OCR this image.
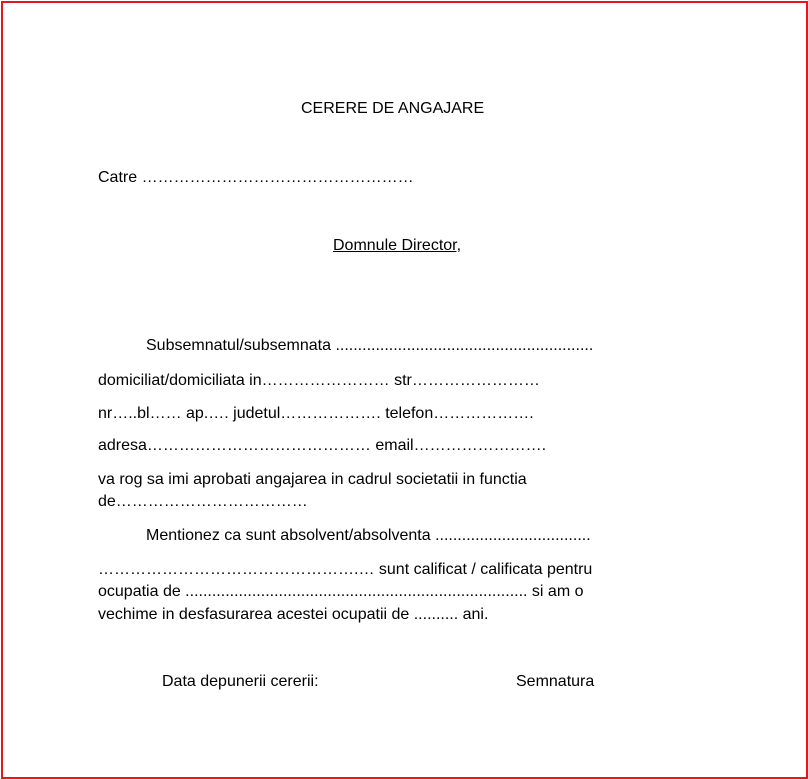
CERERE DE ANGAJARE
Catre ……………………………………………
Domnule Director,
Subsemnatul/subsemnata ..........................................................
domiciliat/domiciliata in…………………… str……………………
nr…..bl…… ap.…. judetul………………. telefon……………….
adresa…………………………………… email…………………….
va rog sa imi aprobati angajarea in cadrul societatii in functia
de………………………………
Mentionez ca sunt absolvent/absolventa ...................................
………………………………………….… sunt calificat / calificata pentru
ocupatia de ............................................................................. si am o
vechime in desfasurarea acestei ocupatii de .......... ani.
Data depunerii cererii:	Semnatura
